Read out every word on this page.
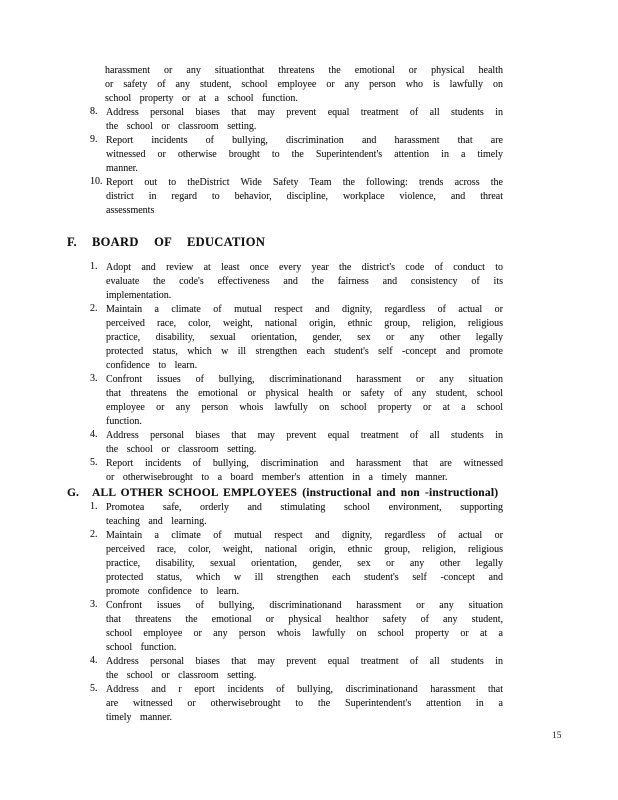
harassment or any situationthat threatens the emotional or physical health
or safety of any student, school employee or any person who is lawfully on
school property or at a school function.
8. Address personal biases that may prevent equal treatment of all students in
the school or classroom setting.
9. Report incidents of bullying, discrimination and harassment that are
witnessed or otherwise brought to the Superintendent's attention in a timely
manner.
10. Report out to theDistrict Wide Safety Team the following: trends across the
district in regard to behavior, discipline, workplace violence, and threat
assessments
F.	BOARD OF EDUCATION
1. Adopt and review at least once every year the district's code of conduct to
evaluate the code's effectiveness and the fairness and consistency of its
implementation.
2. Maintain a climate of mutual respect and dignity, regardless of actual or
perceived race, color, weight, national origin, ethnic group, religion, religious
practice, disability, sexual orientation, gender, sex or any other legally
protected status, which w ill strengthen each student's self -concept and promote
confidence to learn.
3. Confront issues of bullying, discriminationand harassment or any situation
that threatens the emotional or physical health or safety of any student, school
employee or any person whois lawfully on school property or at a school
function.
4. Address personal biases that may prevent equal treatment of all students in
the school or classroom setting.
5. Report incidents of bullying, discrimination and harassment that are witnessed
or otherwisebrought to a board member's attention in a timely manner.
G.	ALL OTHER SCHOOL EMPLOYEES (instructional and non -instructional)
1. Promotea safe, orderly and stimulating school environment, supporting
teaching and learning.
2. Maintain a climate of mutual respect and dignity, regardless of actual or
perceived race, color, weight, national origin, ethnic group, religion, religious
practice, disability, sexual orientation, gender, sex or any other legally
protected status, which w ill strengthen each student's self -concept and
promote confidence to learn.
3. Confront issues of bullying, discriminationand harassment or any situation
that threatens the emotional or physical healthor safety of any student,
school employee or any person whois lawfully on school property or at a
school function.
4. Address personal biases that may prevent equal treatment of all students in
the school or classroom setting.
5. Address and r eport incidents of bullying, discriminationand harassment that
are witnessed or otherwisebrought to the Superintendent's attention in a
timely manner.
15
